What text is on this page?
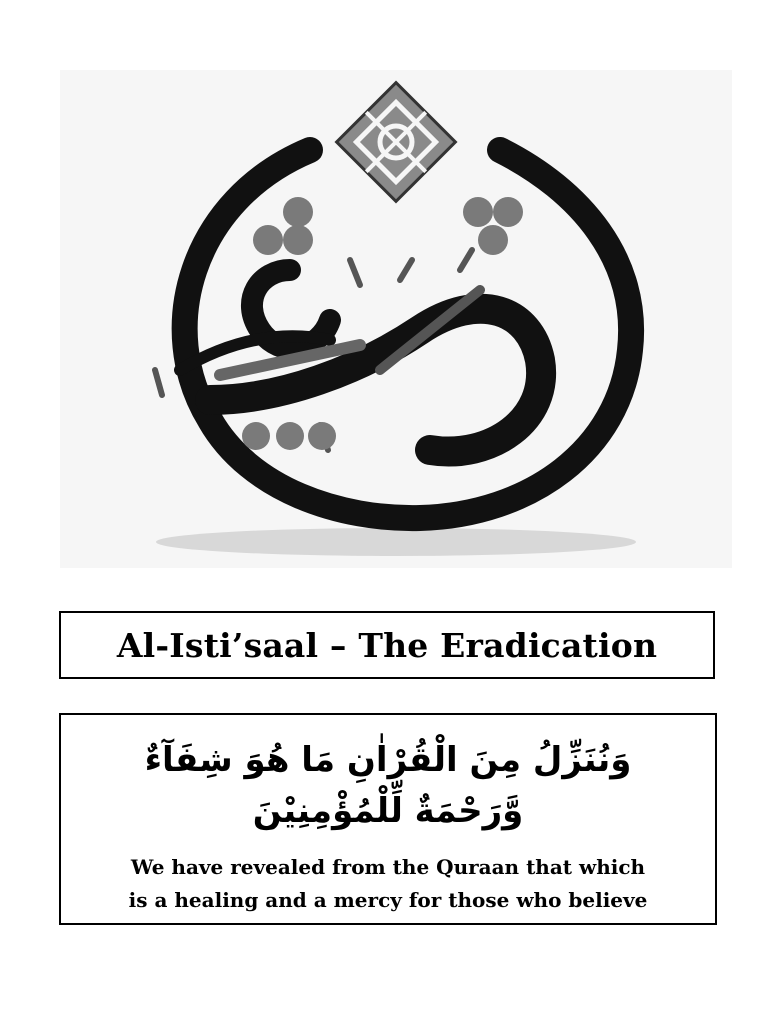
Al-Isti’saal – The Eradication
وَنُنَزِّلُ مِنَ الْقُرْاٰنِ مَا هُوَ شِفَآءٌ وَّرَحْمَةٌ لِّلْمُؤْمِنِيْنَ
We have revealed from the Quraan that which
is a healing and a mercy for those who believe
